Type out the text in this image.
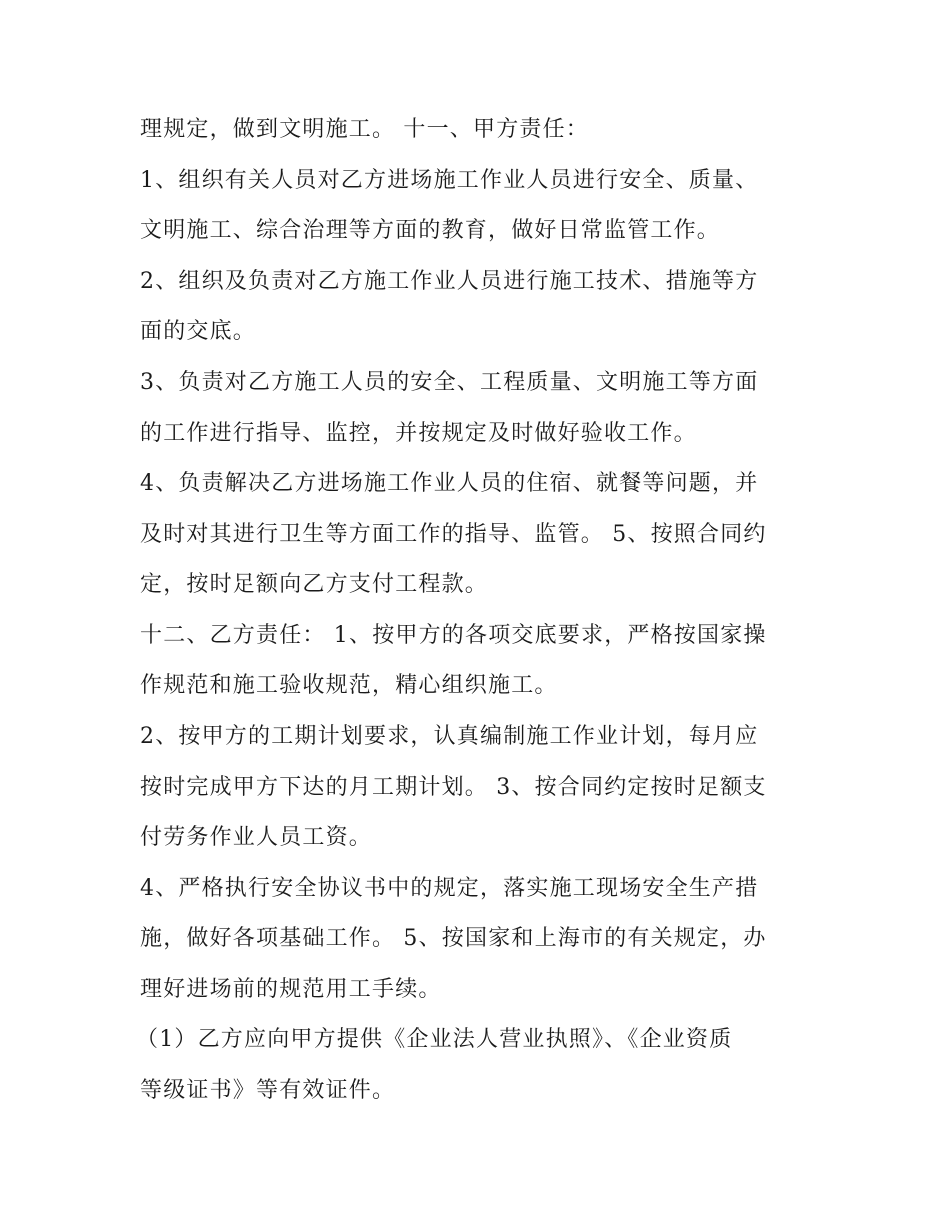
理规定，做到文明施工。 十一、甲方责任：
1、组织有关人员对乙方进场施工作业人员进行安全、质量、
文明施工、综合治理等方面的教育，做好日常监管工作。
2、组织及负责对乙方施工作业人员进行施工技术、措施等方
面的交底。
3、负责对乙方施工人员的安全、工程质量、文明施工等方面
的工作进行指导、监控，并按规定及时做好验收工作。
4、负责解决乙方进场施工作业人员的住宿、就餐等问题，并
及时对其进行卫生等方面工作的指导、监管。 5、按照合同约
定，按时足额向乙方支付工程款。
十二、乙方责任： 1、按甲方的各项交底要求，严格按国家操
作规范和施工验收规范，精心组织施工。
2、按甲方的工期计划要求，认真编制施工作业计划，每月应
按时完成甲方下达的月工期计划。 3、按合同约定按时足额支
付劳务作业人员工资。
4、严格执行安全协议书中的规定，落实施工现场安全生产措
施，做好各项基础工作。 5、按国家和上海市的有关规定，办
理好进场前的规范用工手续。
（1）乙方应向甲方提供《企业法人营业执照》、《企业资质
等级证书》等有效证件。
